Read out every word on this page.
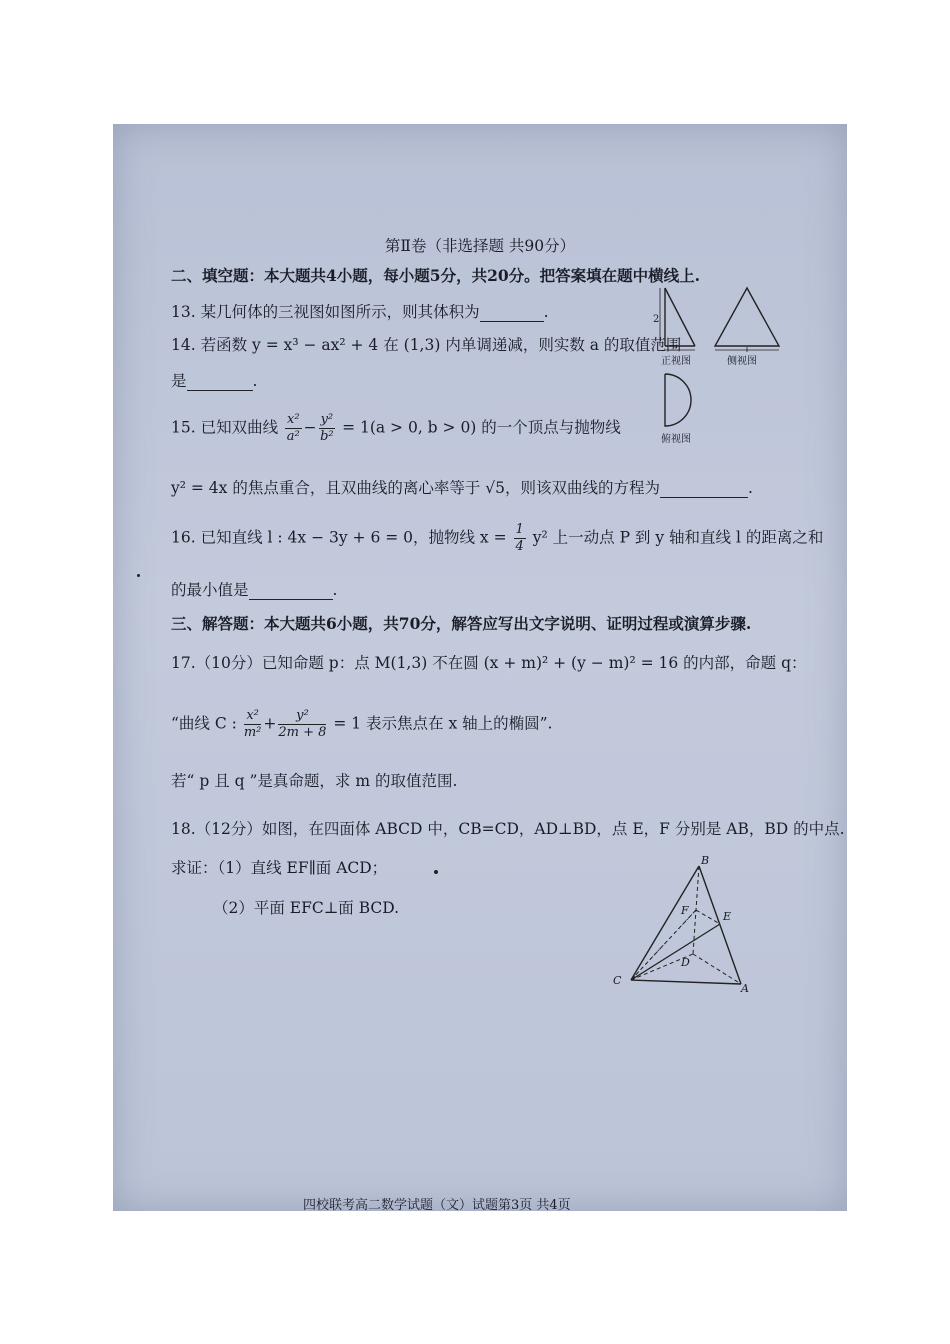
第Ⅱ卷（非选择题 共90分）
二、填空题：本大题共4小题，每小题5分，共20分。把答案填在题中横线上.
13. 某几何体的三视图如图所示，则其体积为	.
14. 若函数 y = x³ − ax² + 4 在 (1,3) 内单调递减，则实数 a 的取值范围
是	.
15. 已知双曲线 $\frac{\text{x²}}{\text{a²}} - \frac{\text{y²}}{\text{b²}} = 1(a > 0$, b > 0) 的一个顶点与抛物线
y² = 4x 的焦点重合，且双曲线的离心率等于 √5，则该双曲线的方程为	.
16. 已知直线 l : 4x − 3y + 6 = 0，抛物线 $x = \frac{1}{4} y^2$ 上一动点 P 到 y 轴和直线 l 的距离之和
的最小值是	.
2
正视图	侧视图
俯视图
三、解答题：本大题共6小题，共70分，解答应写出文字说明、证明过程或演算步骤.
17.（10分）已知命题 p：点 M(1,3) 不在圆 (x + m)² + (y − m)² = 16 的内部，命题 q：
“曲线 C : $\frac{\text{x²}}{\text{m²}} + \frac{\text{y²}}{2m + 8} = 1$ 表示焦点在 x 轴上的椭圆”.
若“ p 且 q ”是真命题，求 m 的取值范围.
18.（12分）如图，在四面体 ABCD 中，CB=CD，AD⊥BD，点 E，F 分别是 AB，BD 的中点.
求证：（1）直线 EF∥面 ACD；
（2）平面 EFC⊥面 BCD.
B
F	E
D
C
A
四校联考高二数学试题（文）试题第3页 共4页
